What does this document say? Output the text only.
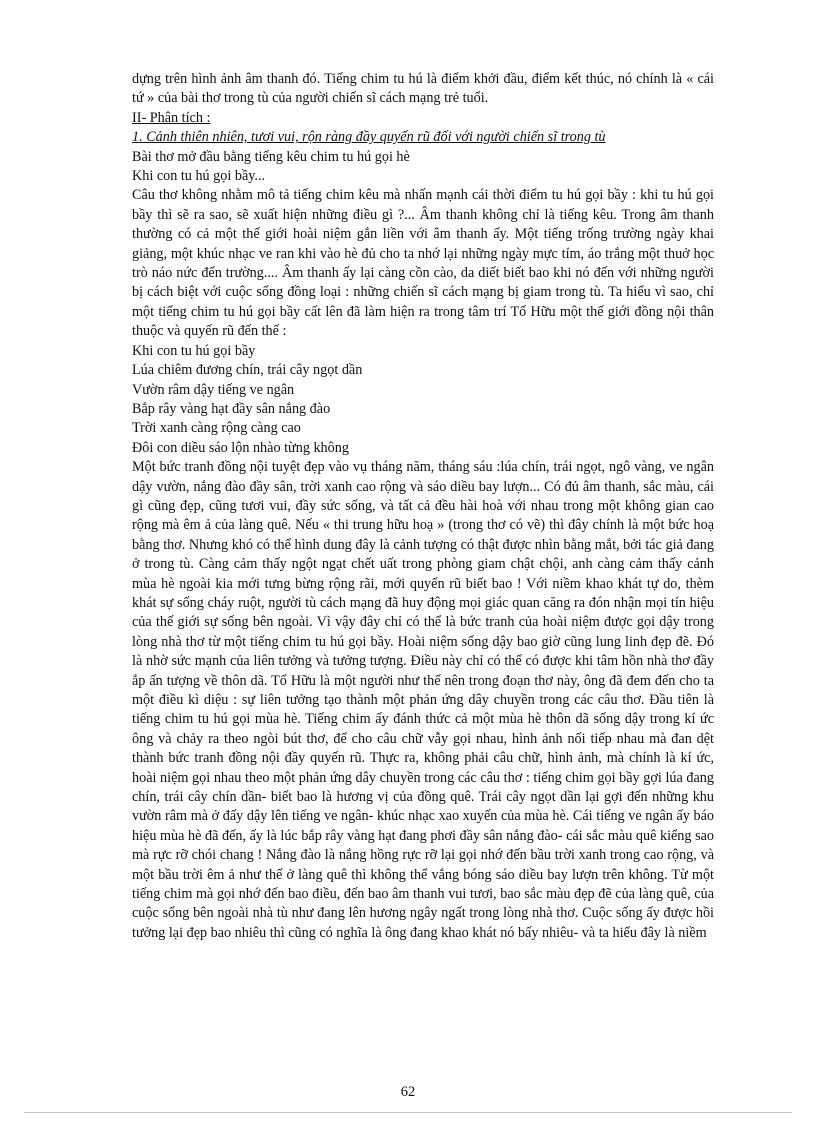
dựng trên hình ảnh âm thanh đó. Tiếng chim tu hú là điểm khởi đầu, điểm kết thúc, nó chính là « cái tứ » của bài thơ trong tù của người chiến sĩ cách mạng trẻ tuổi.

II- Phân tích :

1. Cảnh thiên nhiên, tươi vui, rộn ràng đầy quyến rũ đối với người chiến sĩ trong tù

Bài thơ mở đầu bằng tiếng kêu chim tu hú gọi hè

Khi con tu hú gọi bầy...

Câu thơ không nhằm mô tả tiếng chim kêu mà nhấn mạnh cái thời điểm tu hú gọi bầy : khi tu hú gọi bầy thì sẽ ra sao, sẽ xuất hiện những điều gì ?... Âm thanh không chỉ là tiếng kêu. Trong âm thanh thường có cả một thế giới hoài niệm gắn liền với âm thanh ấy. Một tiếng trống trường ngày khai giảng, một khúc nhạc ve ran khi vào hè đủ cho ta nhớ lại những ngày mực tím, áo trắng một thuở học trò náo nức đến trường.... Âm thanh ấy lại càng cồn cào, da diết biết bao khi nó đến với những người bị cách biệt với cuộc sống đồng loại : những chiến sĩ cách mạng bị giam trong tù. Ta hiểu vì sao, chỉ một tiếng chim tu hú gọi bầy cất lên đã làm hiện ra trong tâm trí Tố Hữu một thế giới đồng nội thân thuộc và quyến rũ đến thế :

Khi con tu hú gọi bầy

Lúa chiêm đương chín, trái cây ngọt dần

Vườn râm dậy tiếng ve ngân

Bắp rây vàng hạt đầy sân nắng đào

Trời xanh càng rộng càng cao

Đôi con diều sáo lộn nhào từng không

Một bức tranh đồng nội tuyệt đẹp vào vụ tháng năm, tháng sáu :lúa chín, trái ngọt, ngô vàng, ve ngân dậy vườn, nắng đào đầy sân, trời xanh cao rộng và sáo diều bay lượn... Có đủ âm thanh, sắc màu, cái gì cũng đẹp, cũng tươi vui, đầy sức sống, và tất cả đều hài hoà với nhau trong một không gian cao rộng mà êm ả của làng quê. Nếu « thi trung hữu hoạ » (trong thơ có vẽ) thì đây chính là một bức hoạ bằng thơ. Nhưng khó có thể hình dung đây là cảnh tượng có thật được nhìn bằng mắt, bởi tác giả đang ở trong tù. Càng cảm thấy ngột ngạt chết uất trong phòng giam chật chội, anh càng cảm thấy cảnh mùa hè ngoài kia mới tưng bừng rộng rãi, mới quyến rũ biết bao ! Với niềm khao khát tự do, thèm khát sự sống cháy ruột, người tù cách mạng đã huy động mọi giác quan căng ra đón nhận mọi tín hiệu của thế giới sự sống bên ngoài. Vì vậy đây chỉ có thể là bức tranh của hoài niệm được gọi dậy trong lòng nhà thơ từ một tiếng chim tu hú gọi bầy. Hoài niệm sống dậy bao giờ cũng lung linh đẹp đẽ. Đó là nhờ sức mạnh của liên tưởng và tưởng tượng. Điều này chỉ có thể có được khi tâm hồn nhà thơ đầy ắp ấn tượng về thôn dã. Tố Hữu là một người như thế nên trong đoạn thơ này, ông đã đem đến cho ta một điều kì diệu : sự liên tưởng tạo thành một phản ứng dây chuyền trong các câu thơ. Đầu tiên là tiếng chim tu hú gọi mùa hè. Tiếng chim ấy đánh thức cả một mùa hè thôn dã sống dậy trong kí ức ông và chảy ra theo ngòi bút thơ, để cho câu chữ vẫy gọi nhau, hình ảnh nối tiếp nhau mà đan dệt thành bức tranh đồng nội đầy quyến rũ. Thực ra, không phải câu chữ, hình ảnh, mà chính là kí ức, hoài niệm gọi nhau theo một phản ứng dây chuyền trong các câu thơ : tiếng chim gọi bầy gợi lúa đang chín, trái cây chín dần- biết bao là hương vị của đồng quê. Trái cây ngọt dần lại gợi đến những khu vườn râm mà ở đấy dậy lên tiếng ve ngân- khúc nhạc xao xuyến của mùa hè. Cái tiếng ve ngân ấy báo hiệu mùa hè đã đến, ấy là lúc bắp rây vàng hạt đang phơi đầy sân nắng đào- cái sắc màu quê kiểng sao mà rực rỡ chói chang ! Nắng đào là nắng hồng rực rỡ lại gọi nhớ đến bầu trời xanh trong cao rộng, và một bầu trời êm ả như thế ở làng quê thì không thể vắng bóng sáo diều bay lượn trên không. Từ một tiếng chim mà gọi nhớ đến bao điều, đến bao âm thanh vui tươi, bao sắc màu đẹp đẽ của làng quê, của cuộc sống bên ngoài nhà tù như đang lên hương ngây ngất trong lòng nhà thơ. Cuộc sống ấy được hồi tưởng lại đẹp bao nhiêu thì cũng có nghĩa là ông đang khao khát nó bấy nhiêu- và ta hiểu đây là niềm

62
